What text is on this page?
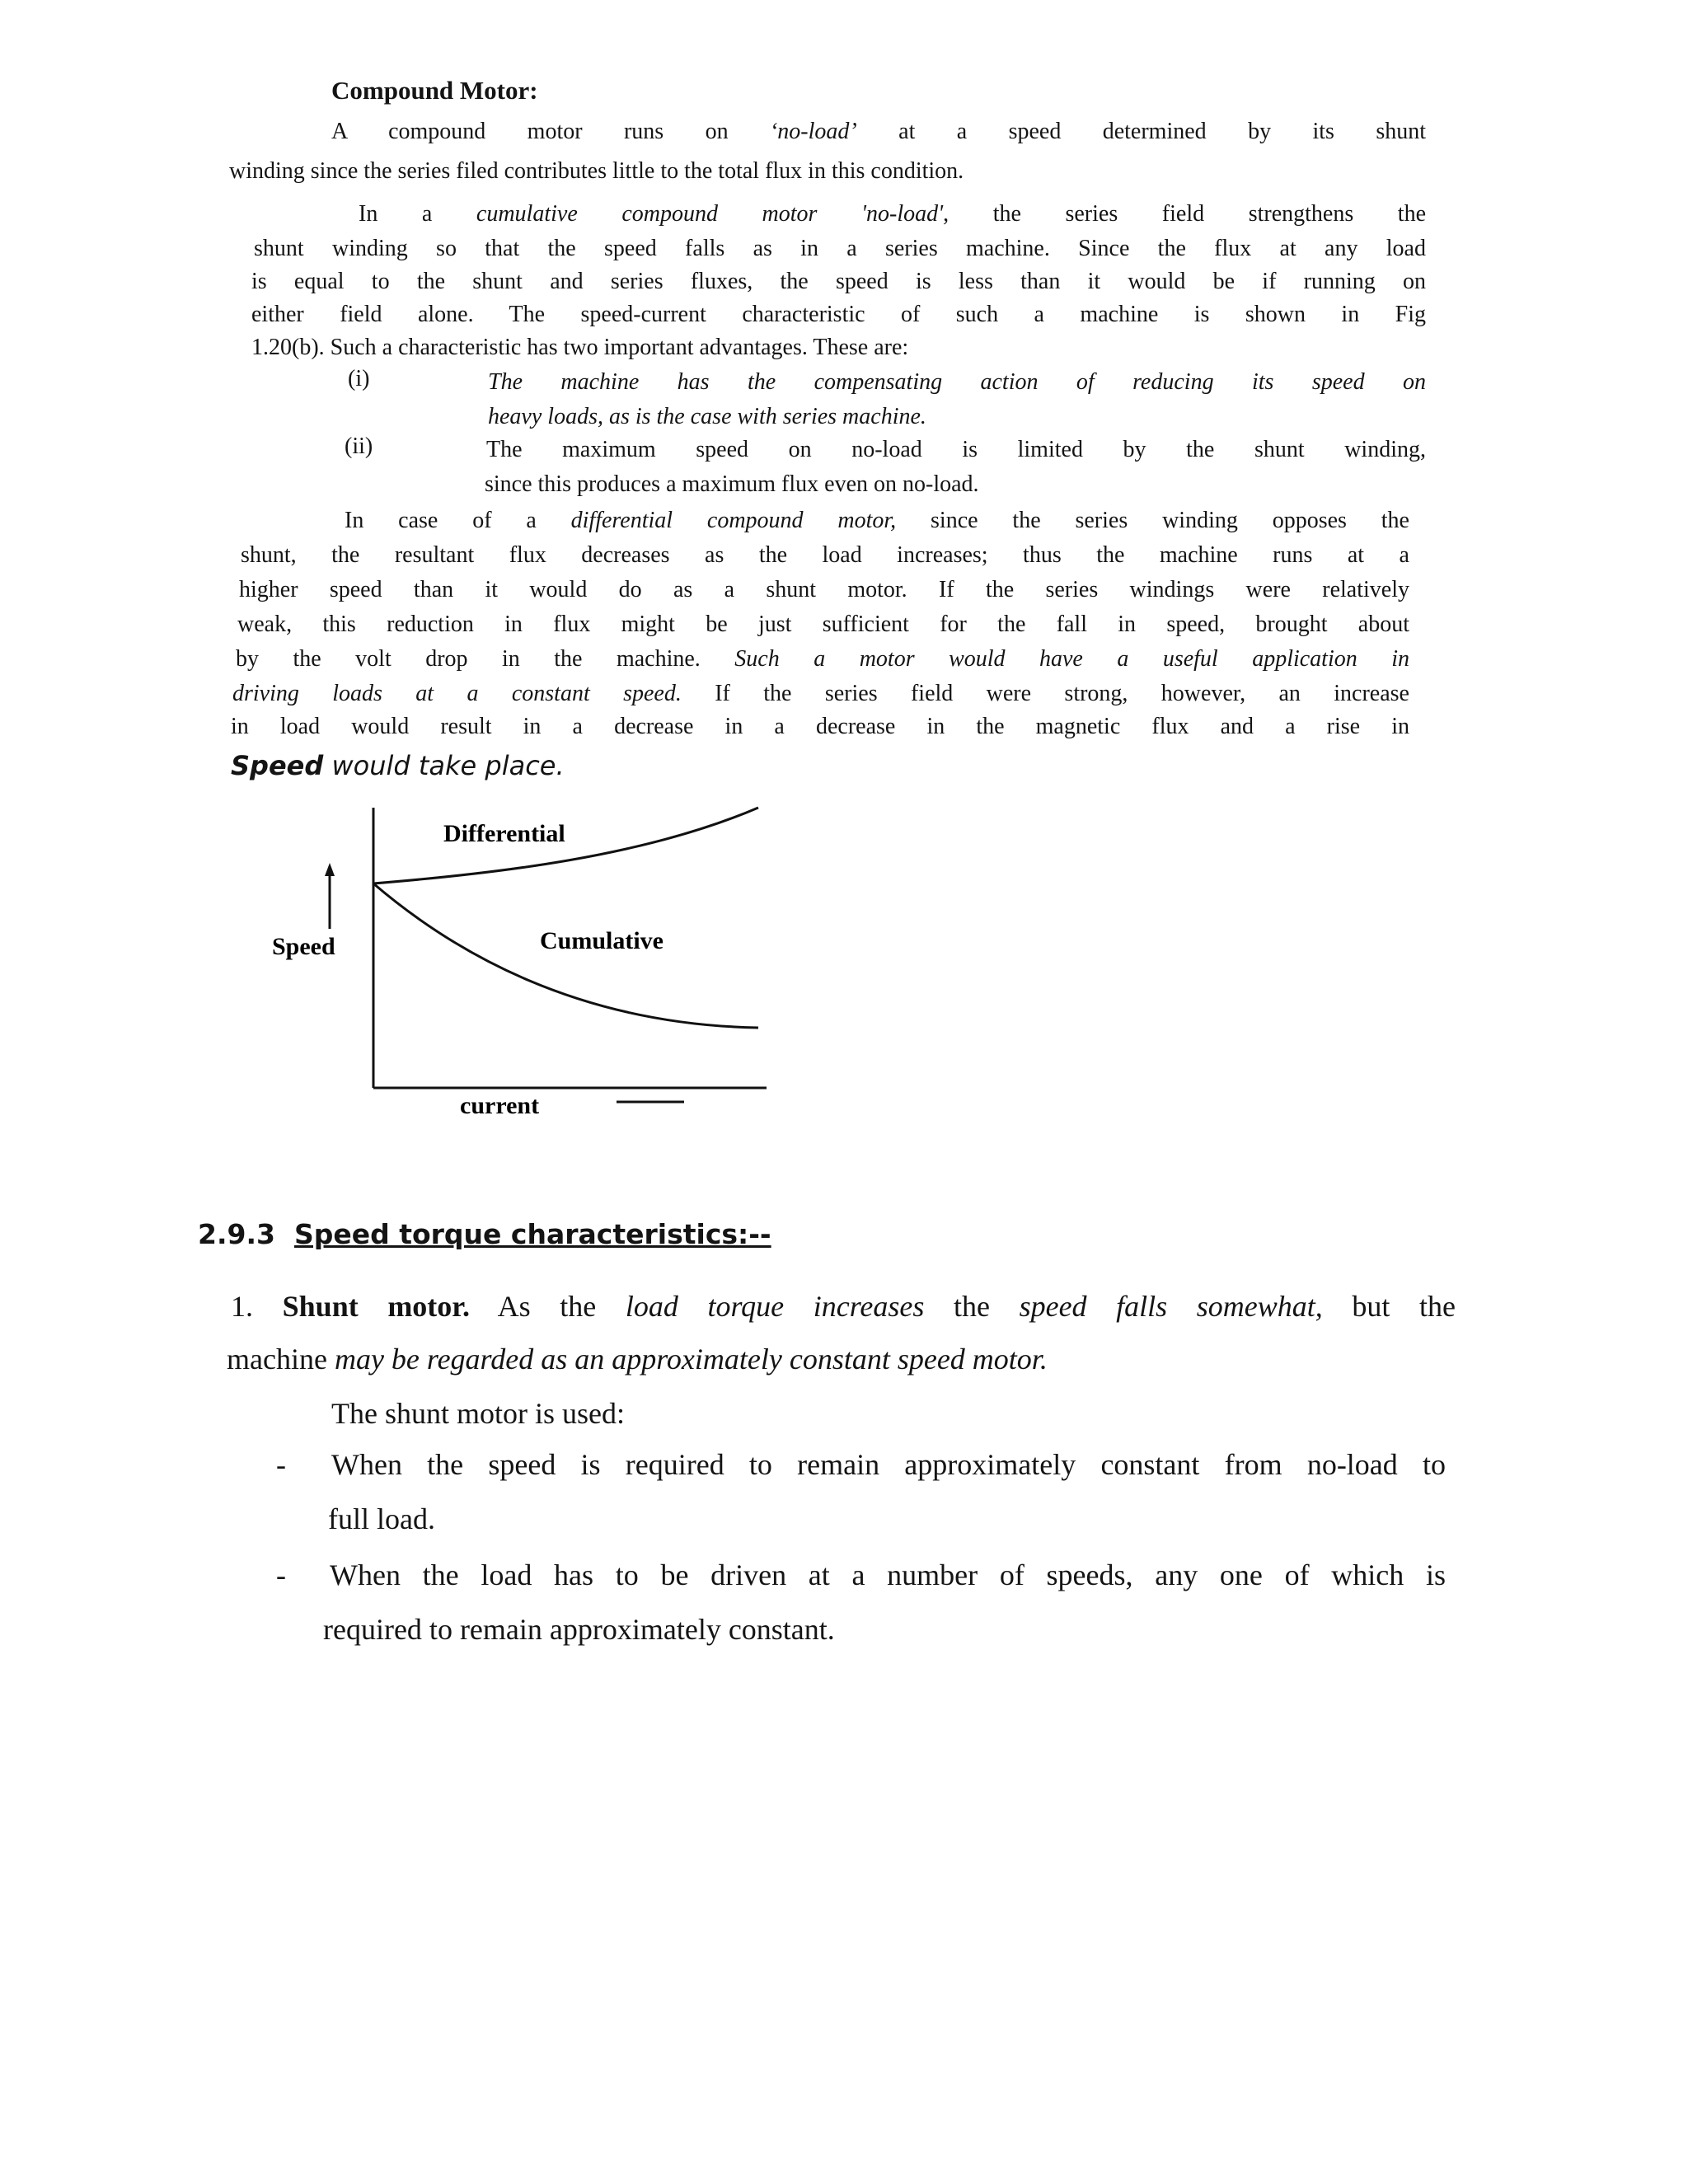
Compound Motor:
A compound motor runs on ‘no-load’ at a speed determined by its shunt
winding since the series filed contributes little to the total flux in this condition.
In a cumulative compound motor 'no-load', the series field strengthens the
shunt winding so that the speed falls as in a series machine. Since the flux at any load
is equal to the shunt and series fluxes, the speed is less than it would be if running on
either field alone. The speed-current characteristic of such a machine is shown in Fig
1.20(b). Such a characteristic has two important advantages. These are:
(i)	The machine has the compensating action of reducing its speed on
heavy loads, as is the case with series machine.
(ii)	The maximum speed on no-load is limited by the shunt winding,
since this produces a maximum flux even on no-load.
In case of a differential compound motor, since the series winding opposes the
shunt, the resultant flux decreases as the load increases; thus the machine runs at a
higher speed than it would do as a shunt motor. If the series windings were relatively
weak, this reduction in flux might be just sufficient for the fall in speed, brought about
by the volt drop in the machine. Such a motor would have a useful application in
driving loads at a constant speed. If the series field were strong, however, an increase
in load would result in a decrease in a decrease in the magnetic flux and a rise in
Speed would take place.
Differential
Cumulative
Speed
current
2.9.3 Speed torque characteristics:--
1. Shunt motor. As the load torque increases the speed falls somewhat, but the
machine may be regarded as an approximately constant speed motor.
The shunt motor is used:
- When the speed is required to remain approximately constant from no-load to
full load.
- When the load has to be driven at a number of speeds, any one of which is
required to remain approximately constant.
